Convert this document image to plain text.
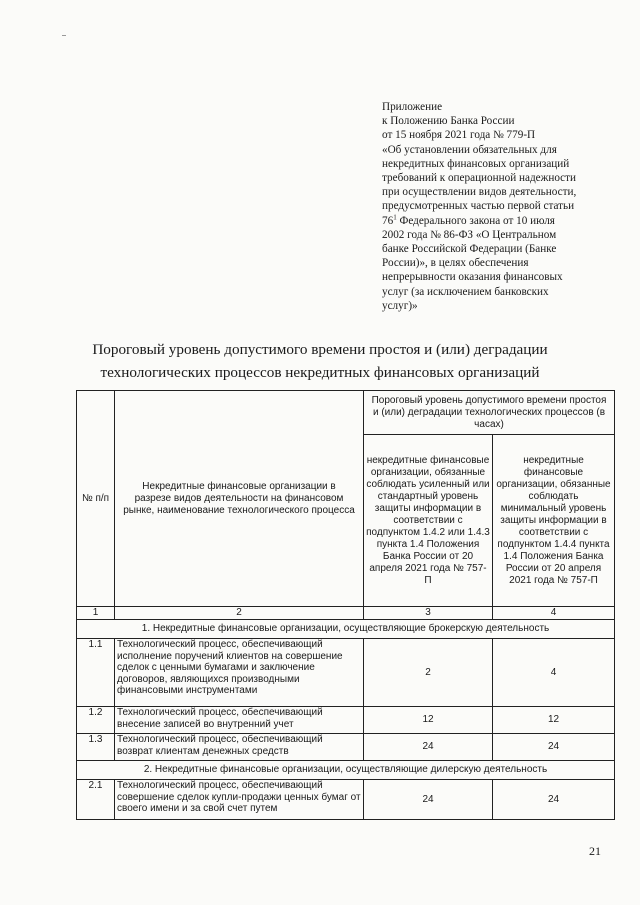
Приложение
к Положению Банка России
от 15 ноября 2021 года № 779-П
«Об установлении обязательных для
некредитных финансовых организаций
требований к операционной надежности
при осуществлении видов деятельности,
предусмотренных частью первой статьи
$76^1$ Федерального закона от 10 июля
2002 года № 86-ФЗ «О Центральном
банке Российской Федерации (Банке
России)», в целях обеспечения
непрерывности оказания финансовых
услуг (за исключением банковских
услуг)»
Пороговый уровень допустимого времени простоя и (или) деградации
технологических процессов некредитных финансовых организаций
№ п/п	Некредитные финансовые организации в разрезе видов деятельности на финансовом рынке, наименование технологического процесса	Пороговый уровень допустимого времени простоя и (или) деградации технологических процессов (в часах)	
		некредитные финансовые организации, обязанные соблюдать усиленный или стандартный уровень защиты информации в соответствии с подпунктом 1.4.2 или 1.4.3 пункта 1.4 Положения Банка России от 20 апреля 2021 года № 757-П	некредитные финансовые организации, обязанные соблюдать минимальный уровень защиты информации в соответствии с подпунктом 1.4.4 пункта 1.4 Положения Банка России от 20 апреля 2021 года № 757-П
1	2	3	4
1. Некредитные финансовые организации, осуществляющие брокерскую деятельность			
1.1	Технологический процесс, обеспечивающий исполнение поручений клиентов на совершение сделок с ценными бумагами и заключение договоров, являющихся производными финансовыми инструментами	2	4
1.2	Технологический процесс, обеспечивающий внесение записей во внутренний учет	12	12
1.3	Технологический процесс, обеспечивающий возврат клиентам денежных средств	24	24
2. Некредитные финансовые организации, осуществляющие дилерскую деятельность			
2.1	Технологический процесс, обеспечивающий совершение сделок купли-продажи ценных бумаг от своего имени и за свой счет путем	24	24
21
